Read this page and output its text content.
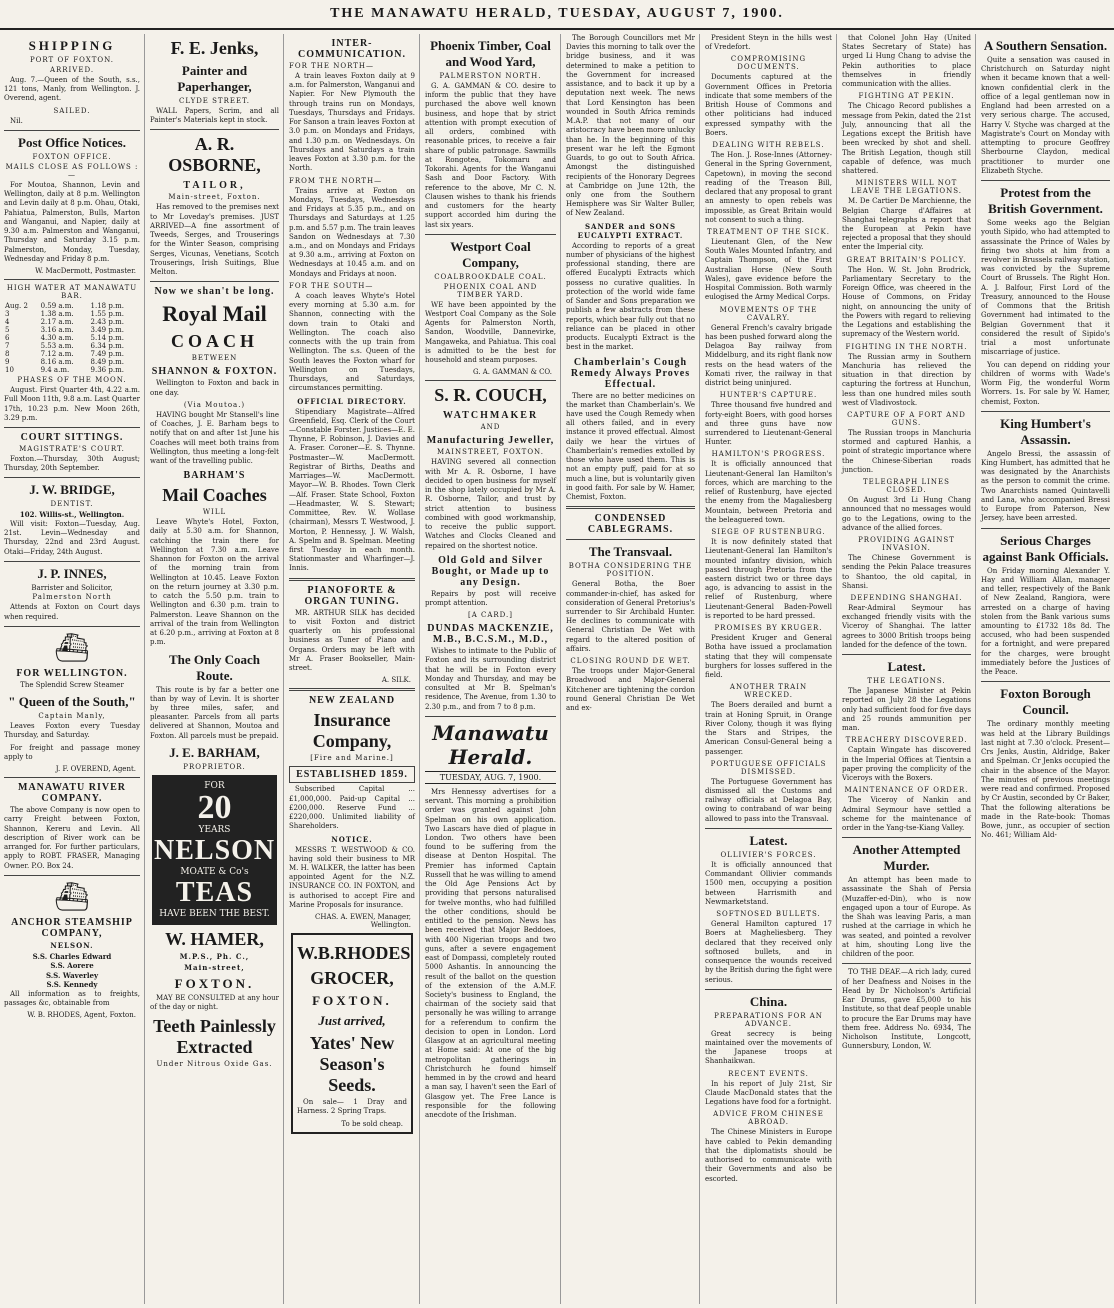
THE MANAWATU HERALD, TUESDAY, AUGUST 7, 1900.
SHIPPING
PORT OF FOXTON.
ARRIVED.
Aug. 7.—Queen of the South, s.s., 121 tons, Manly, from Wellington. J. Overend, agent.
SAILED.
Nil.
Post Office Notices.
FOXTON OFFICE.
MAILS CLOSE AS FOLLOWS :—
For Moutoa, Shannon, Levin and Wellington, daily at 8 p.m. Wellington and Levin daily at 8 p.m. Ohau, Otaki, Pahiatua, Palmerston, Bulls, Marton and Wanganui, and Napier, daily at 9.30 a.m. Palmerston and Wanganui, Thursday and Saturday 3.15 p.m. Palmerston, Monday, Tuesday, Wednesday and Friday 8 p.m.
W. MacDermott, Postmaster.
HIGH WATER AT MANAWATU BAR.
Aug. 2	0.59 a.m.	1.18 p.m.
3	1.38 a.m.	1.55 p.m.
4	2.17 a.m.	2.43 p.m.
5	3.16 a.m.	3.49 p.m.
6	4.30 a.m.	5.14 p.m.
7	5.53 a.m.	6.34 p.m.
8	7.12 a.m.	7.49 p.m.
9	8.16 a.m.	8.49 p.m.
10	9.4 a.m.	9.36 p.m.
PHASES OF THE MOON.
August. First Quarter 4th, 4.22 a.m. Full Moon 11th, 9.8 a.m. Last Quarter 17th, 10.23 p.m. New Moon 26th, 3.29 p.m.
COURT SITTINGS.
MAGISTRATE'S COURT.
Foxton.—Thursday, 30th August; Thursday, 20th September.
J. W. BRIDGE,
DENTIST.
102. Willis-st., Wellington.
Will visit: Foxton—Tuesday, Aug. 21st. Levin—Wednesday and Thursday, 22nd and 23rd August. Otaki—Friday, 24th August.
J. P. INNES,
Barrister and Solicitor,
Palmerston North
Attends at Foxton on Court days when required.
⛴
FOR WELLINGTON.
The Splendid Screw Steamer
" Queen of the South,"
Captain Manly,
Leaves Foxton every Tuesday Thursday, and Saturday.
For freight and passage money apply to
J. F. OVEREND, Agent.
MANAWATU RIVER COMPANY.
The above Company is now open to carry Freight between Foxton, Shannon, Kereru and Levin. All description of River work can be arranged for. For further particulars, apply to ROBT. FRASER, Managing Owner. P.O. Box 24.
⛴
ANCHOR STEAMSHIP COMPANY,
NELSON.
S.S. Charles Edward
S.S. Aorere
S.S. Waverley
S.S. Kennedy
All information as to freights, passages &c, obtainable from
W. B. RHODES, Agent, Foxton.
F. E. Jenks,
Painter and Paperhanger,
CLYDE STREET.
WALL Papers, Scrim, and all Painter's Materials kept in stock.
A. R. OSBORNE,
TAILOR,
Main-street, Foxton.
Has removed to the premises next to Mr Loveday's premises. JUST ARRIVED—A fine assortment of Tweeds, Serges, and Trouserings for the Winter Season, comprising Serges, Vicunas, Venetians, Scotch Trouserings, Irish Suitings, Blue Melton.
Now we shan't be long.
Royal Mail
COACH
BETWEEN
SHANNON & FOXTON.
Wellington to Foxton and back in one day.
(Via Moutoa.)
HAVING bought Mr Stansell's line of Coaches, J. E. Barham begs to notify that on and after 1st June his Coaches will meet both trains from Wellington, thus meeting a long-felt want of the travelling public.
BARHAM'S
Mail Coaches
WILL
Leave Whyte's Hotel, Foxton, daily at 5.30 a.m. for Shannon, catching the train there for Wellington at 7.30 a.m. Leave Shannon for Foxton on the arrival of the morning train from Wellington at 10.45. Leave Foxton on the return journey at 3.30 p.m. to catch the 5.50 p.m. train to Wellington and 6.30 p.m. train to Palmerston. Leave Shannon on the arrival of the train from Wellington at 6.20 p.m., arriving at Foxton at 8 p.m.
The Only Coach Route.
This route is by far a better one than by way of Levin. It is shorter by three miles, safer, and pleasanter. Parcels from all parts delivered at Shannon, Moutoa and Foxton. All parcels must be prepaid.
J. E. BARHAM,
PROPRIETOR.
FOR
20
YEARS
NELSON
MOATE & Co's
TEAS
HAVE BEEN THE BEST.
W. HAMER,
M.P.S., Ph. C.,
Main-street,
FOXTON.
MAY BE CONSULTED at any hour of the day or night.
Teeth Painlessly Extracted
Under Nitrous Oxide Gas.
INTER-COMMUNICATION.
FOR THE NORTH—
A train leaves Foxton daily at 9 a.m. for Palmerston, Wanganui and Napier. For New Plymouth the through trains run on Mondays, Tuesdays, Thursdays and Fridays. For Sanson a train leaves Foxton at 3.0 p.m. on Mondays and Fridays, and 1.30 p.m. on Wednesdays. On Thursdays and Saturdays a train leaves Foxton at 3.30 p.m. for the North.
FROM THE NORTH—
Trains arrive at Foxton on Mondays, Tuesdays, Wednesdays and Fridays at 5.35 p.m., and on Thursdays and Saturdays at 1.25 p.m. and 5.57 p.m. The train leaves Sandon on Wednesdays at 7.30 a.m., and on Mondays and Fridays at 9.30 a.m., arriving at Foxton on Wednesdays at 10.45 a.m. and on Mondays and Fridays at noon.
FOR THE SOUTH—
A coach leaves Whyte's Hotel every morning at 5.30 a.m. for Shannon, connecting with the down train to Otaki and Wellington. The coach also connects with the up train from Wellington. The s.s. Queen of the South leaves the Foxton wharf for Wellington on Tuesdays, Thursdays, and Saturdays, circumstances permitting.
OFFICIAL DIRECTORY.
Stipendiary Magistrate—Alfred Greenfield, Esq. Clerk of the Court—Constable Forster. Justices—E. E. Thynne, F. Robinson, J. Davies and A. Fraser. Coroner—E. S. Thynne. Postmaster—W. MacDermott. Registrar of Births, Deaths and Marriages—W. MacDermott. Mayor—W. B. Rhodes. Town Clerk—Alf. Fraser. State School, Foxton—Headmaster, W. S. Stewart; Committee, Rev. W. Wollase (chairman), Messrs T. Westwood, J. Morton, P. Hennessy, J. W. Walsh, A. Spelm and B. Spelman. Meeting first Tuesday in each month. Stationmaster and Wharfinger—J. Innis.
PIANOFORTE & ORGAN TUNING.
MR. ARTHUR SILK has decided to visit Foxton and district quarterly on his professional business as Tuner of Piano and Organs. Orders may be left with Mr A. Fraser Bookseller, Main-street.
A. SILK.
NEW ZEALAND
Insurance Company,
[Fire and Marine.]
ESTABLISHED 1859.
Subscribed Capital ... £1,000,000. Paid-up Capital ... £200,000. Reserve Fund ... £220,000. Unlimited liability of Shareholders.
NOTICE.
MESSRS T. WESTWOOD & CO. having sold their business to MR M. H. WALKER, the latter has been appointed Agent for the N.Z. INSURANCE CO. IN FOXTON, and is authorised to accept Fire and Marine Proposals for insurance.
CHAS. A. EWEN, Manager, Wellington.
W.B.RHODES
GROCER,
FOXTON.
Just arrived,
Yates' New Season's Seeds.
On sale— 1 Dray and Harness. 2 Spring Traps.
To be sold cheap.
Phoenix Timber, Coal and Wood Yard,
PALMERSTON NORTH.
G. A. GAMMAN & CO. desire to inform the public that they have purchased the above well known business, and hope that by strict attention with prompt execution of all orders, combined with reasonable prices, to receive a fair share of public patronage. Sawmills at Rongotea, Tokomaru and Tokorahi. Agents for the Wanganui Sash and Door Factory. With reference to the above, Mr C. N. Clausen wishes to thank his friends and customers for the hearty support accorded him during the last six years.
Westport Coal Company,
COALBROOKDALE COAL.
PHOENIX COAL AND TIMBER YARD.
WE have been appointed by the Westport Coal Company as the Sole Agents for Palmerston North, Sandon, Woodville, Dannevirke, Mangaweka, and Pahiatua. This coal is admitted to be the best for household and steam purposes.
G. A. GAMMAN & CO.
S. R. COUCH,
WATCHMAKER
AND
Manufacturing Jeweller,
MAINSTREET, FOXTON.
HAVING severed all connection with Mr A. R. Osborne, I have decided to open business for myself in the shop lately occupied by Mr A. R. Osborne, Tailor, and trust by strict attention to business combined with good workmanship, to receive the public support. Watches and Clocks Cleaned and repaired on the shortest notice.
Old Gold and Silver Bought, or Made up to any Design.
Repairs by post will receive prompt attention.
[A CARD.]
DUNDAS MACKENZIE, M.B., B.C.S.M., M.D.,
Wishes to intimate to the Public of Foxton and its surrounding district that he will be in Foxton every Monday and Thursday, and may be consulted at Mr B. Spelman's residence, The Avenue, from 1.30 to 2.30 p.m., and from 7 to 8 p.m.
Manawatu Herald.
TUESDAY, AUG. 7, 1900.
Mrs Hennessy advertises for a servant. This morning a prohibition order was granted against John Spelman on his own application. Two Lascars have died of plague in London. Two others have been found to be suffering from the disease at Denton Hospital. The Premier has informed Captain Russell that he was willing to amend the Old Age Pensions Act by providing that persons naturalised for twelve months, who had fulfilled the other conditions, should be entitled to the pension. News has been received that Major Beddoes, with 400 Nigerian troops and two guns, after a severe engagement east of Dompassi, completely routed 5000 Ashantis. In announcing the result of the ballot on the question of the extension of the A.M.F. Society's business to England, the chairman of the society said that personally he was willing to arrange for a referendum to confirm the decision to open in London. Lord Glasgow at an agricultural meeting at Home said: At one of the big metropolitan gatherings in Christchurch he found himself hemmed in by the crowd and heard a man say, I haven't seen the Earl of Glasgow yet. The Free Lance is responsible for the following anecdote of the Irishman.
The Borough Councillors met Mr Davies this morning to talk over the bridge business, and it was determined to make a petition to the Government for increased assistance, and to back it up by a deputation next week. The news that Lord Kensington has been wounded in South Africa reminds M.A.P. that not many of our aristocracy have been more unlucky than he. In the beginning of this present war he left the Egmont Guards, to go out to South Africa. Amongst the distinguished recipients of the Honorary Degrees at Cambridge on June 12th, the only one from the Southern Hemisphere was Sir Walter Buller, of New Zealand.
SANDER and SONS EUCALYPTI EXTRACT.
According to reports of a great number of physicians of the highest professional standing, there are offered Eucalypti Extracts which possess no curative qualities. In protection of the world wide fame of Sander and Sons preparation we publish a few abstracts from these reports, which bear fully out that no reliance can be placed in other products. Eucalypti Extract is the best in the market.
Chamberlain's Cough Remedy Always Proves Effectual.
There are no better medicines on the market than Chamberlain's. We have used the Cough Remedy when all others failed, and in every instance it proved effectual. Almost daily we hear the virtues of Chamberlain's remedies extolled by those who have used them. This is not an empty puff, paid for at so much a line, but is voluntarily given in good faith. For sale by W. Hamer, Chemist, Foxton.
CONDENSED CABLEGRAMS.
The Transvaal.
BOTHA CONSIDERING THE POSITION.
General Botha, the Boer commander-in-chief, has asked for consideration of General Pretorius's surrender to Sir Archibald Hunter. He declines to communicate with General Christian De Wet with regard to the altered position of affairs.
CLOSING ROUND DE WET.
The troops under Major-General Broadwood and Major-General Kitchener are tightening the cordon round General Christian De Wet and ex-
President Steyn in the hills west of Vredefort.
COMPROMISING DOCUMENTS.
Documents captured at the Government Offices in Pretoria indicate that some members of the British House of Commons and other politicians had induced expressed sympathy with the Boers.
DEALING WITH REBELS.
The Hon. J. Rose-Innes (Attorney-General in the Spring Government, Capetown), in moving the second reading of the Treason Bill, declared that any proposal to grant an amnesty to open rebels was impossible, as Great Britain would not consent to such a thing.
TREATMENT OF THE SICK.
Lieutenant Glen, of the New South Wales Mounted Infantry, and Captain Thompson, of the First Australian Horse (New South Wales), gave evidence before the Hospital Commission. Both warmly eulogised the Army Medical Corps.
MOVEMENTS OF THE CAVALRY.
General French's cavalry brigade has been pushed forward along the Delagoa Bay railway from Middelburg, and its right flank now rests on the head waters of the Komati river, the railway in that district being uninjured.
HUNTER'S CAPTURE.
Three thousand five hundred and forty-eight Boers, with good horses and three guns have now surrendered to Lieutenant-General Hunter.
HAMILTON'S PROGRESS.
It is officially announced that Lieutenant-General Ian Hamilton's forces, which are marching to the relief of Rustenburg, have ejected the enemy from the Magaliesberg Mountain, between Pretoria and the beleaguered town.
SIEGE OF RUSTENBURG.
It is now definitely stated that Lieutenant-General Ian Hamilton's mounted infantry division, which passed through Pretoria from the eastern district two or three days ago, is advancing to assist in the relief of Rustenburg, where Lieutenant-General Baden-Powell is reported to be hard pressed.
PROMISES BY KRUGER.
President Kruger and General Botha have issued a proclamation stating that they will compensate burghers for losses suffered in the field.
ANOTHER TRAIN WRECKED.
The Boers derailed and burnt a train at Honing Spruit, in Orange River Colony, though it was flying the Stars and Stripes, the American Consul-General being a passenger.
PORTUGUESE OFFICIALS DISMISSED.
The Portuguese Government has dismissed all the Customs and railway officials at Delagoa Bay, owing to contraband of war being allowed to pass into the Transvaal.
Latest.
OLLIVIER'S FORCES.
It is officially announced that Commandant Ollivier commands 1500 men, occupying a position between Harrismith and Newmarketstand.
SOFTNOSED BULLETS.
General Hamilton captured 17 Boers at Magheliesberg. They declared that they received only softnosed bullets, and in consequence the wounds received by the British during the fight were serious.
China.
PREPARATIONS FOR AN ADVANCE.
Great secrecy is being maintained over the movements of the Japanese troops at Shanhaikwan.
RECENT EVENTS.
In his report of July 21st, Sir Claude MacDonald states that the Legations have food for a fortnight.
ADVICE FROM CHINESE ABROAD.
The Chinese Ministers in Europe have cabled to Pekin demanding that the diplomatists should be authorised to communicate with their Governments and also be escorted.
that Colonel John Hay (United States Secretary of State) has urged Li Hung Chang to advise the Pekin authorities to place themselves in friendly communication with the allies.
FIGHTING AT PEKIN.
The Chicago Record publishes a message from Pekin, dated the 21st July, announcing that all the Legations except the British have been wrecked by shot and shell. The British Legation, though still capable of defence, was much shattered.
MINISTERS WILL NOT LEAVE THE LEGATIONS.
M. De Cartier De Marchienne, the Belgian Charge d'Affaires at Shanghai telegraphs a report that the European at Pekin have rejected a proposal that they should enter the Imperial city.
GREAT BRITAIN'S POLICY.
The Hon. W. St. John Brodrick, Parliamentary Secretary to the Foreign Office, was cheered in the House of Commons, on Friday night, on announcing the unity of the Powers with regard to relieving the Legations and establishing the supremacy of the Western world.
FIGHTING IN THE NORTH.
The Russian army in Southern Manchuria has relieved the situation in that direction by capturing the fortress at Hunchun, less than one hundred miles south west of Vladivostock.
CAPTURE OF A FORT AND GUNS.
The Russian troops in Manchuria stormed and captured Hanhis, a point of strategic importance where the Chinese-Siberian roads junction.
TELEGRAPH LINES CLOSED.
On August 3rd Li Hung Chang announced that no messages would go to the Legations, owing to the advance of the allied forces.
PROVIDING AGAINST INVASION.
The Chinese Government is sending the Pekin Palace treasures to Shantoo, the old capital, in Shansi.
DEFENDING SHANGHAI.
Rear-Admiral Seymour has exchanged friendly visits with the Viceroy of Shanghai. The latter agrees to 3000 British troops being landed for the defence of the town.
Latest.
THE LEGATIONS.
The Japanese Minister at Pekin reported on July 28 the Legations only had sufficient food for five days and 25 rounds ammunition per man.
TREACHERY DISCOVERED.
Captain Wingate has discovered in the Imperial Offices at Tientsin a paper proving the complicity of the Viceroys with the Boxers.
MAINTENANCE OF ORDER.
The Viceroy of Nankin and Admiral Seymour have settled a scheme for the maintenance of order in the Yang-tse-Kiang Valley.
Another Attempted Murder.
An attempt has been made to assassinate the Shah of Persia (Muzaffer-ed-Din), who is now engaged upon a tour of Europe. As the Shah was leaving Paris, a man rushed at the carriage in which he was seated, and pointed a revolver at him, shouting Long live the children of the poor.
TO THE DEAF.—A rich lady, cured of her Deafness and Noises in the Head by Dr Nicholson's Artificial Ear Drums, gave £5,000 to his Institute, so that deaf people unable to procure the Ear Drums may have them free. Address No. 6934, The Nicholson Institute, Longcott, Gunnersbury, London, W.
A Southern Sensation.
Quite a sensation was caused in Christchurch on Saturday night when it became known that a well-known confidential clerk in the office of a legal gentleman now in England had been arrested on a very serious charge. The accused, Harry V. Styche was charged at the Magistrate's Court on Monday with attempting to procure Geoffrey Sherbourne Claydon, medical practitioner to murder one Elizabeth Styche.
Protest from the British Government.
Some weeks ago the Belgian youth Sipido, who had attempted to assassinate the Prince of Wales by firing two shots at him from a revolver in Brussels railway station, was convicted by the Supreme Court of Brussels. The Right Hon. A. J. Balfour, First Lord of the Treasury, announced to the House of Commons that the British Government had intimated to the Belgian Government that it considered the result of Sipido's trial a most unfortunate miscarriage of justice.
You can depend on ridding your children of worms with Wade's Worm Fig, the wonderful Worm Worrers. 1s. For sale by W. Hamer, chemist, Foxton.
King Humbert's Assassin.
Angelo Bressi, the assassin of King Humbert, has admitted that he was designated by the Anarchists as the person to commit the crime. Two Anarchists named Quintavelli and Lana, who accompanied Bressi to Europe from Paterson, New Jersey, have been arrested.
Serious Charges against Bank Officials.
On Friday morning Alexander Y. Hay and William Allan, manager and teller, respectively of the Bank of New Zealand, Rangiora, were arrested on a charge of having stolen from the Bank various sums amounting to £1732 18s 8d. The accused, who had been suspended for a fortnight, and were prepared for the charges, were brought immediately before the Justices of the Peace.
Foxton Borough Council.
The ordinary monthly meeting was held at the Library Buildings last night at 7.30 o'clock. Present—Crs Jenks, Austin, Aldridge, Baker and Spelman. Cr Jenks occupied the chair in the absence of the Mayor. The minutes of previous meetings were read and confirmed. Proposed by Cr Austin, seconded by Cr Baker, That the following alterations be made in the Rate-book: Thomas Bowe, junr., as occupier of section No. 461; William Ald-
